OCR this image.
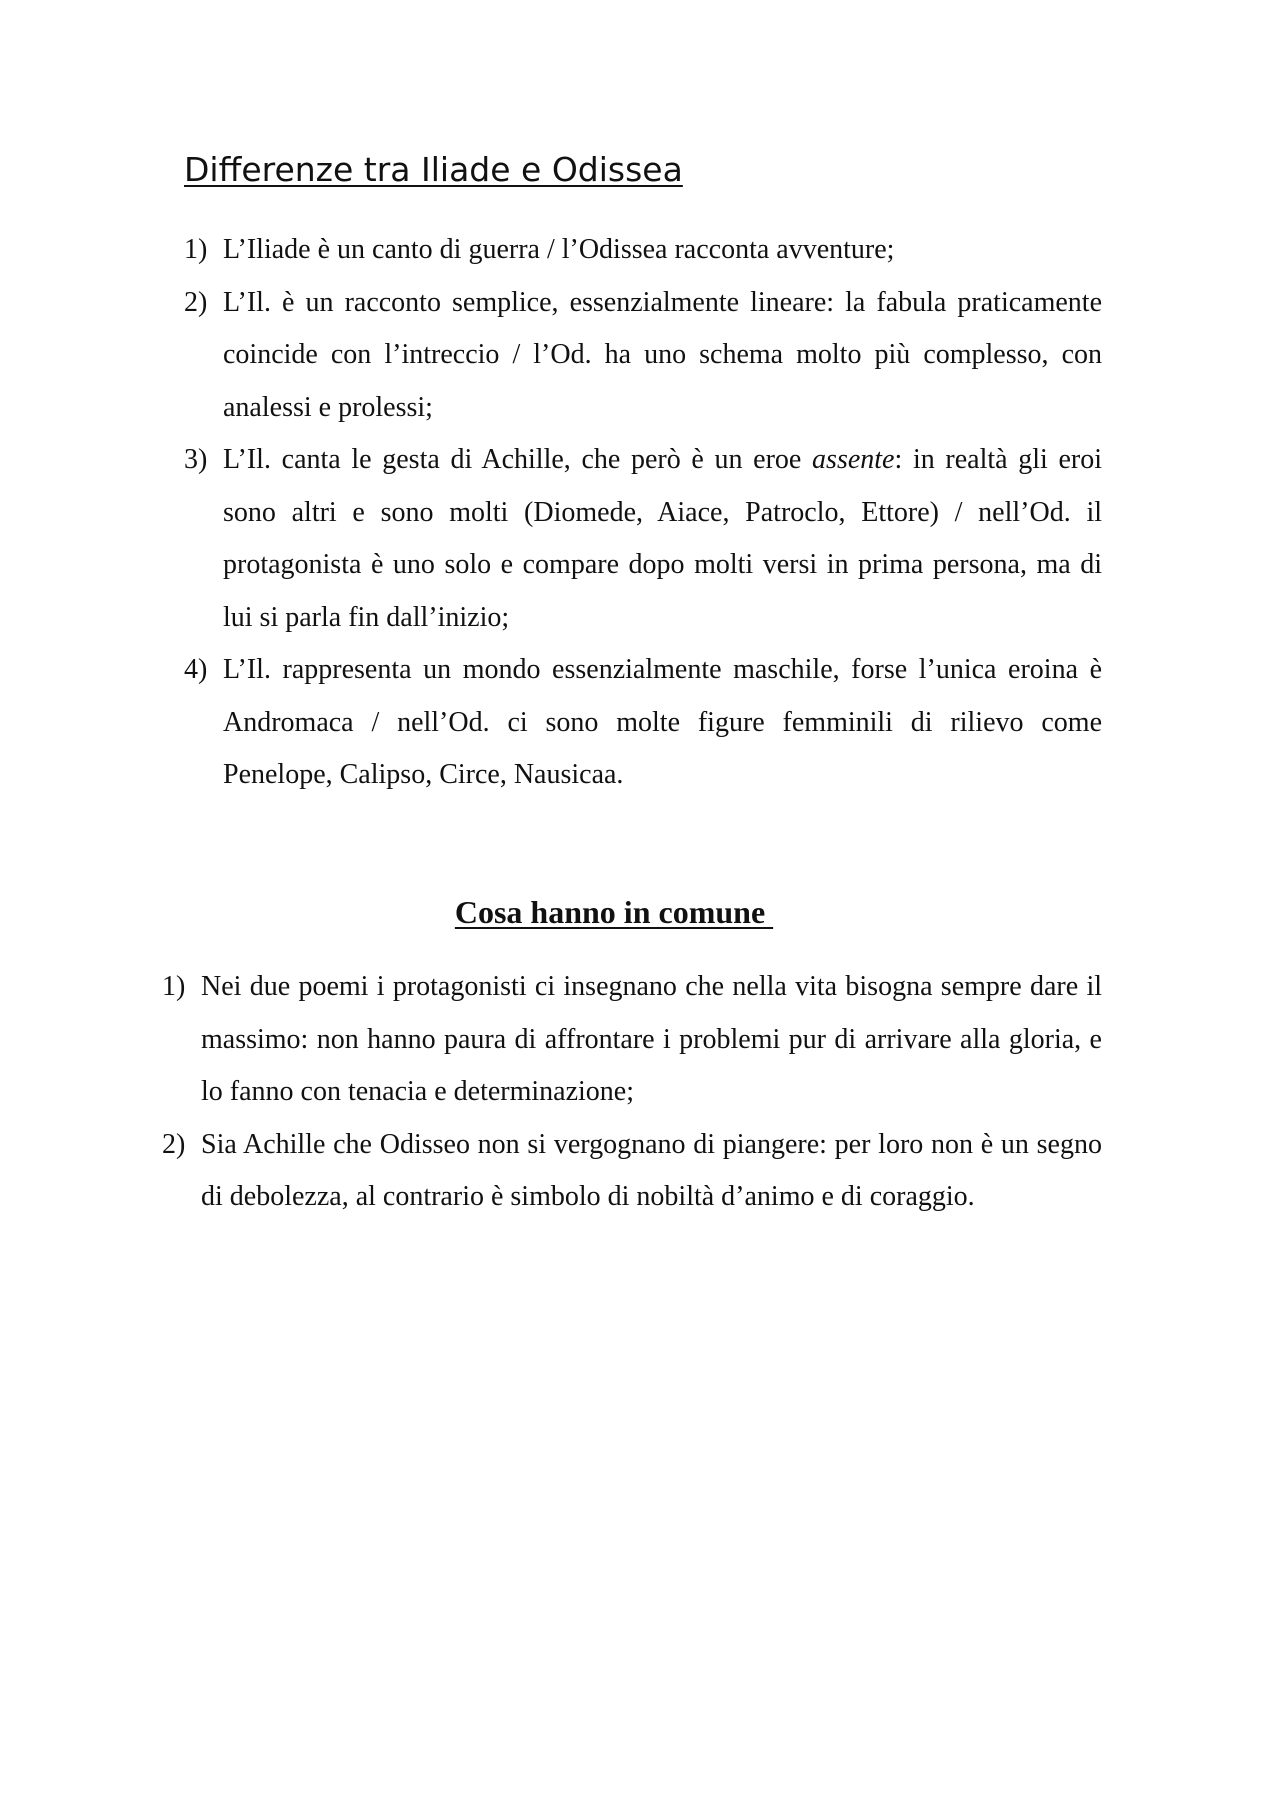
Differenze tra Iliade e Odissea
1) L’Iliade è un canto di guerra / l’Odissea racconta avventure;
2) L’Il. è un racconto semplice, essenzialmente lineare: la fabula praticamente coincide con l’intreccio / l’Od. ha uno schema molto più complesso, con analessi e prolessi;
3) L’Il. canta le gesta di Achille, che però è un eroe assente: in realtà gli eroi sono altri e sono molti (Diomede, Aiace, Patroclo, Ettore) / nell’Od. il protagonista è uno solo e compare dopo molti versi in prima persona, ma di lui si parla fin dall’inizio;
4) L’Il. rappresenta un mondo essenzialmente maschile, forse l’unica eroina è Andromaca / nell’Od. ci sono molte figure femminili di rilievo come Penelope, Calipso, Circe, Nausicaa.
Cosa hanno in comune
1) Nei due poemi i protagonisti ci insegnano che nella vita bisogna sempre dare il massimo: non hanno paura di affrontare i problemi pur di arrivare alla gloria, e lo fanno con tenacia e determinazione;
2) Sia Achille che Odisseo non si vergognano di piangere: per loro non è un segno di debolezza, al contrario è simbolo di nobiltà d’animo e di coraggio.
